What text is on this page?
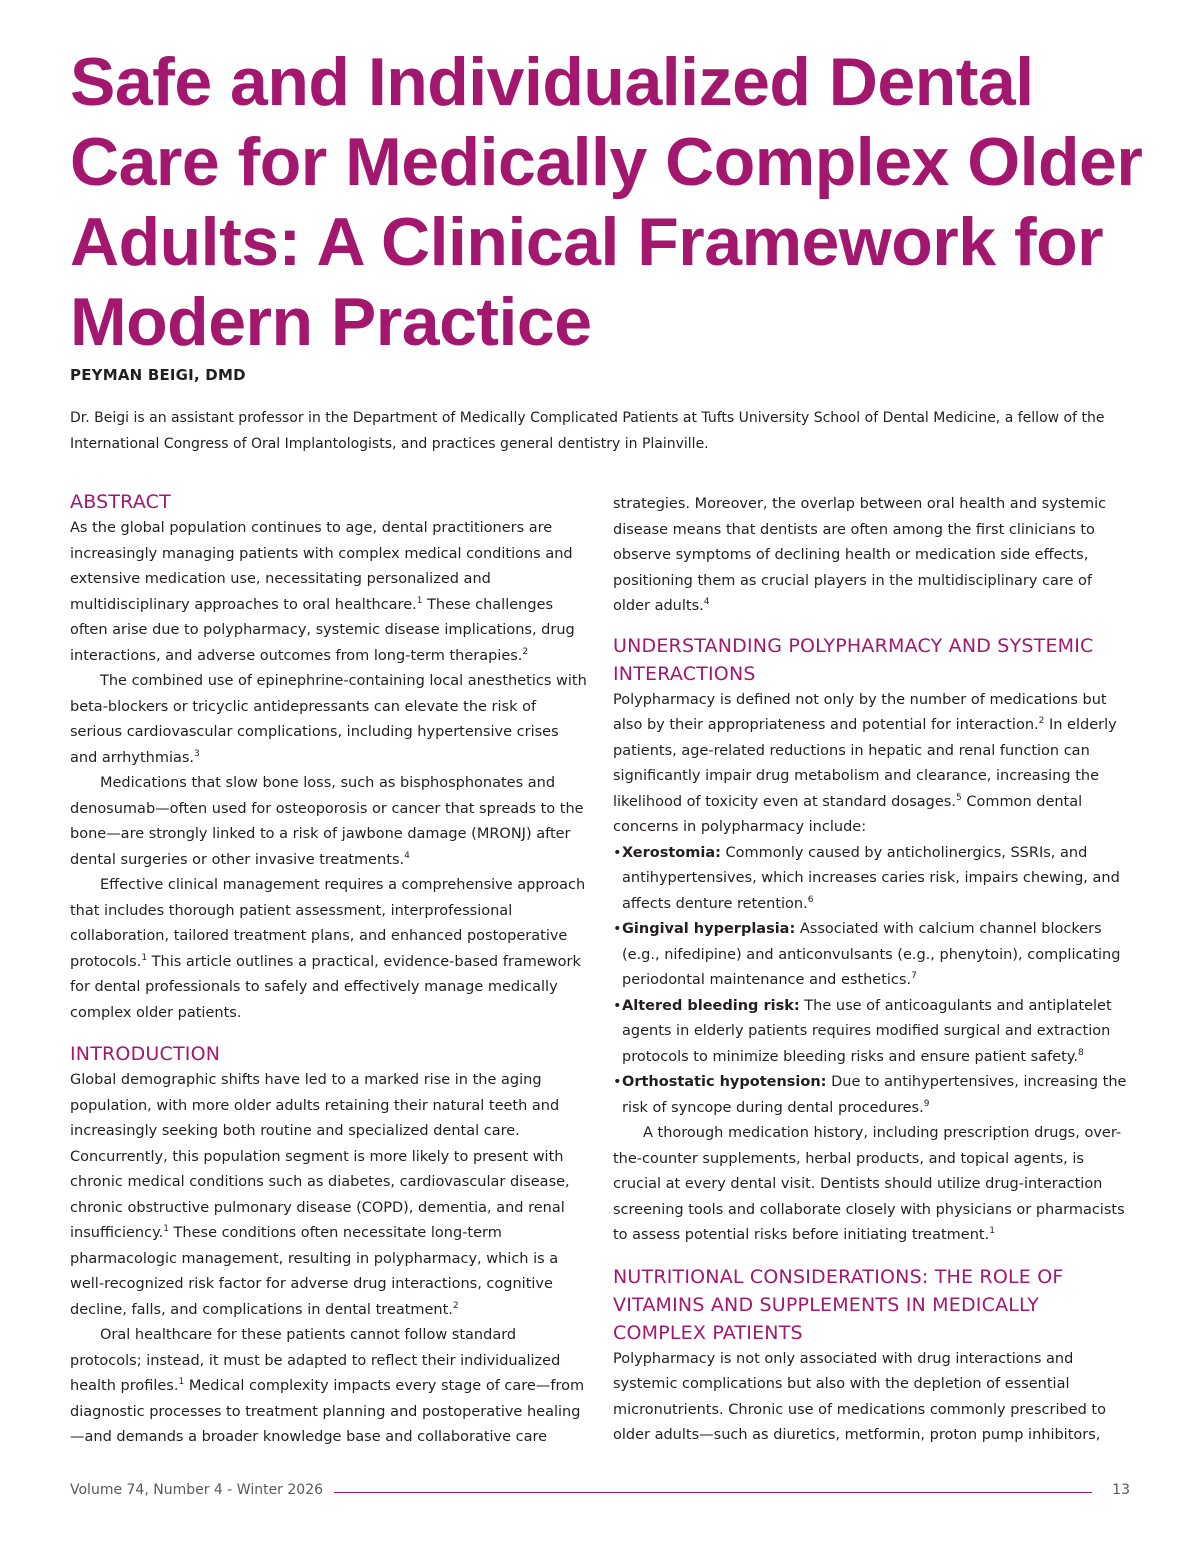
Safe and Individualized Dental Care for Medically Complex Older Adults: A Clinical Framework for Modern Practice
PEYMAN BEIGI, DMD

Dr. Beigi is an assistant professor in the Department of Medically Complicated Patients at Tufts University School of Dental Medicine, a fellow of the International Congress of Oral Implantologists, and practices general dentistry in Plainville.

ABSTRACT

As the global population continues to age, dental practitioners are increasingly managing patients with complex medical conditions and extensive medication use, necessitating personalized and multidisciplinary approaches to oral healthcare.$^1$ These challenges often arise due to polypharmacy, systemic disease implications, drug interactions, and adverse outcomes from long-term therapies.$^2$

The combined use of epinephrine-containing local anesthetics with beta-blockers or tricyclic antidepressants can elevate the risk of serious cardiovascular complications, including hypertensive crises and arrhythmias.$^3$

Medications that slow bone loss, such as bisphosphonates and denosumab—often used for osteoporosis or cancer that spreads to the bone—are strongly linked to a risk of jawbone damage (MRONJ) after dental surgeries or other invasive treatments.$^4$

Effective clinical management requires a comprehensive approach that includes thorough patient assessment, interprofessional collaboration, tailored treatment plans, and enhanced postoperative protocols.$^1$ This article outlines a practical, evidence-based framework for dental professionals to safely and effectively manage medically complex older patients.

INTRODUCTION

Global demographic shifts have led to a marked rise in the aging population, with more older adults retaining their natural teeth and increasingly seeking both routine and specialized dental care. Concurrently, this population segment is more likely to present with chronic medical conditions such as diabetes, cardiovascular disease, chronic obstructive pulmonary disease (COPD), dementia, and renal insufficiency.$^1$ These conditions often necessitate long-term pharmacologic management, resulting in polypharmacy, which is a well-recognized risk factor for adverse drug interactions, cognitive decline, falls, and complications in dental treatment.$^2$

Oral healthcare for these patients cannot follow standard protocols; instead, it must be adapted to reflect their individualized health profiles.$^1$ Medical complexity impacts every stage of care—from diagnostic processes to treatment planning and postoperative healing—and demands a broader knowledge base and collaborative care

strategies. Moreover, the overlap between oral health and systemic disease means that dentists are often among the first clinicians to observe symptoms of declining health or medication side effects, positioning them as crucial players in the multidisciplinary care of older adults.$^4$

UNDERSTANDING POLYPHARMACY AND SYSTEMIC INTERACTIONS

Polypharmacy is defined not only by the number of medications but also by their appropriateness and potential for interaction.$^2$ In elderly patients, age-related reductions in hepatic and renal function can significantly impair drug metabolism and clearance, increasing the likelihood of toxicity even at standard dosages.$^5$ Common dental concerns in polypharmacy include:

•Xerostomia: Commonly caused by anticholinergics, SSRIs, and antihypertensives, which increases caries risk, impairs chewing, and affects denture retention.$^6$
•Gingival hyperplasia: Associated with calcium channel blockers (e.g., nifedipine) and anticonvulsants (e.g., phenytoin), complicating periodontal maintenance and esthetics.$^7$
•Altered bleeding risk: The use of anticoagulants and antiplatelet agents in elderly patients requires modified surgical and extraction protocols to minimize bleeding risks and ensure patient safety.$^8$
•Orthostatic hypotension: Due to antihypertensives, increasing the risk of syncope during dental procedures.$^9$

A thorough medication history, including prescription drugs, over-the-counter supplements, herbal products, and topical agents, is crucial at every dental visit. Dentists should utilize drug-interaction screening tools and collaborate closely with physicians or pharmacists to assess potential risks before initiating treatment.$^1$

NUTRITIONAL CONSIDERATIONS: THE ROLE OF VITAMINS AND SUPPLEMENTS IN MEDICALLY COMPLEX PATIENTS

Polypharmacy is not only associated with drug interactions and systemic complications but also with the depletion of essential micronutrients. Chronic use of medications commonly prescribed to older adults—such as diuretics, metformin, proton pump inhibitors,

Volume 74, Number 4 - Winter 2026	13
